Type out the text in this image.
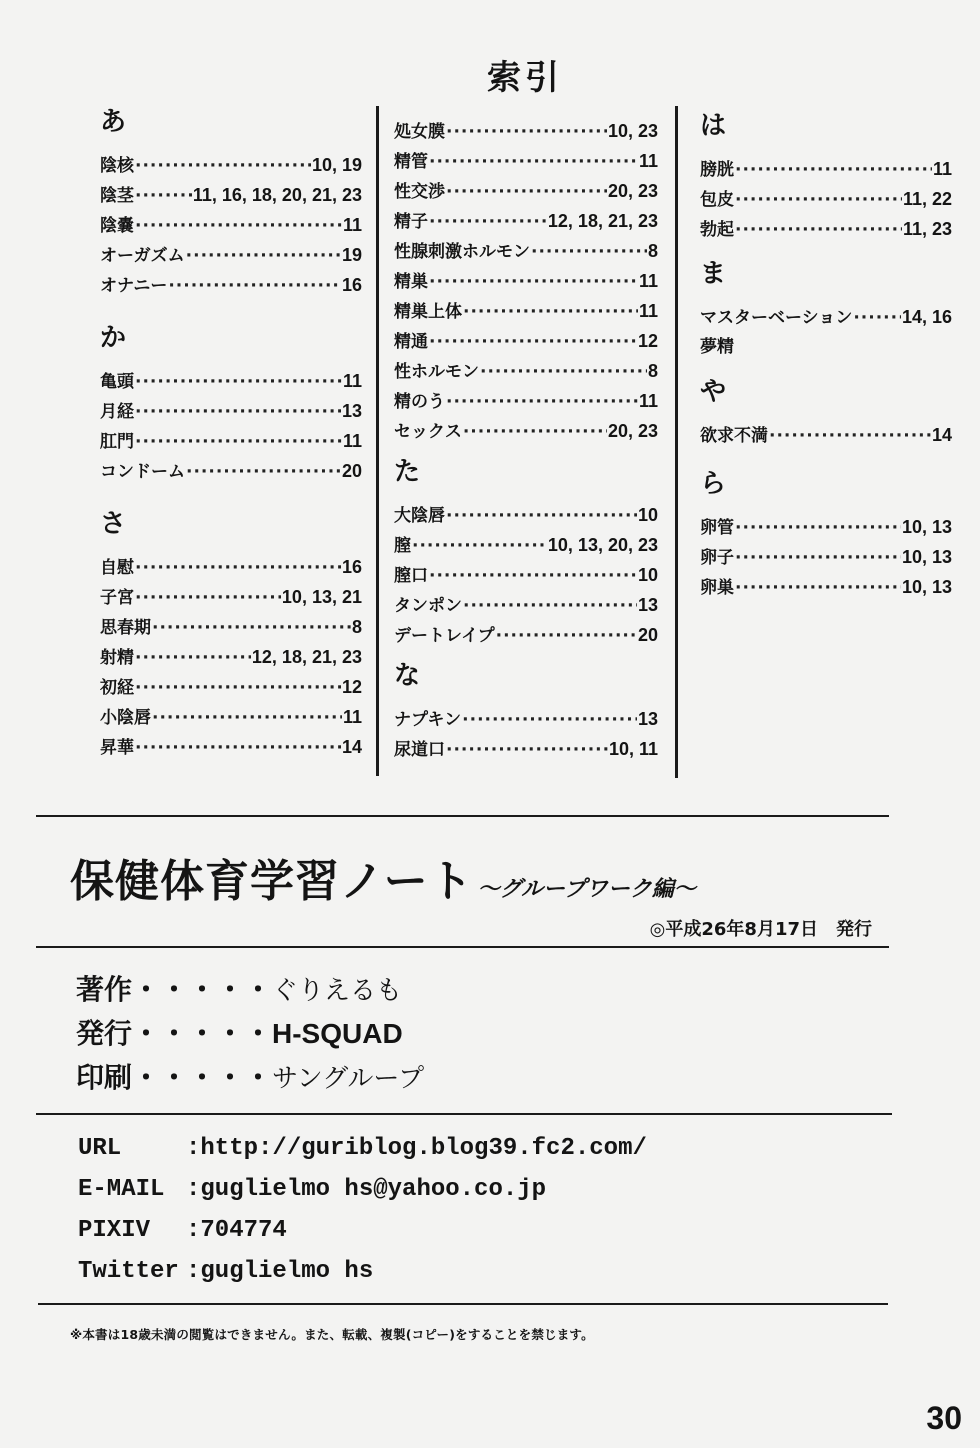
索引
あ
陰核 ·····	10, 19
陰茎 ·····	11, 16, 18, 20, 21, 23
陰嚢 ·····	11
オーガズム ·····	19
オナニー ·····	16
か
亀頭 ·····	11
月経 ·····	13
肛門 ·····	11
コンドーム ·····	20
さ
自慰 ·····	16
子宮 ·····	10, 13, 21
思春期 ·····	8
射精 ·····	12, 18, 21, 23
初経 ·····	12
小陰唇 ·····	11
昇華 ·····	14
処女膜 ·····	10, 23
精管 ·····	11
性交渉 ·····	20, 23
精子 ·····	12, 18, 21, 23
性腺刺激ホルモン ·····	8
精巣 ·····	11
精巣上体 ·····	11
精通 ·····	12
性ホルモン ·····	8
精のう ·····	11
セックス ·····	20, 23
た
大陰唇 ·····	10
膣 ·····	10, 13, 20, 23
膣口 ·····	10
タンポン ·····	13
デートレイプ ·····	20
な
ナプキン ·····	13
尿道口 ·····	10, 11
は
膀胱 ·····	11
包皮 ·····	11, 22
勃起 ·····	11, 23
ま
マスターベーション ·····	14, 16
夢精
や
欲求不満 ·····	14
ら
卵管 ·····	10, 13
卵子 ·····	10, 13
卵巣 ·····	10, 13
保健体育学習ノート ～グループワーク編～
◎平成26年8月17日　発行
著作・・・・・ぐりえるも
発行・・・・・H-SQUAD
印刷・・・・・サングループ
URL	:http://guriblog.blog39.fc2.com/
E-MAIL :guglielmo hs@yahoo.co.jp
PIXIV :704774
Twitter :guglielmo hs
※本書は18歳未満の閲覧はできません。また、転載、複製(コピー)をすることを禁じます。
30
